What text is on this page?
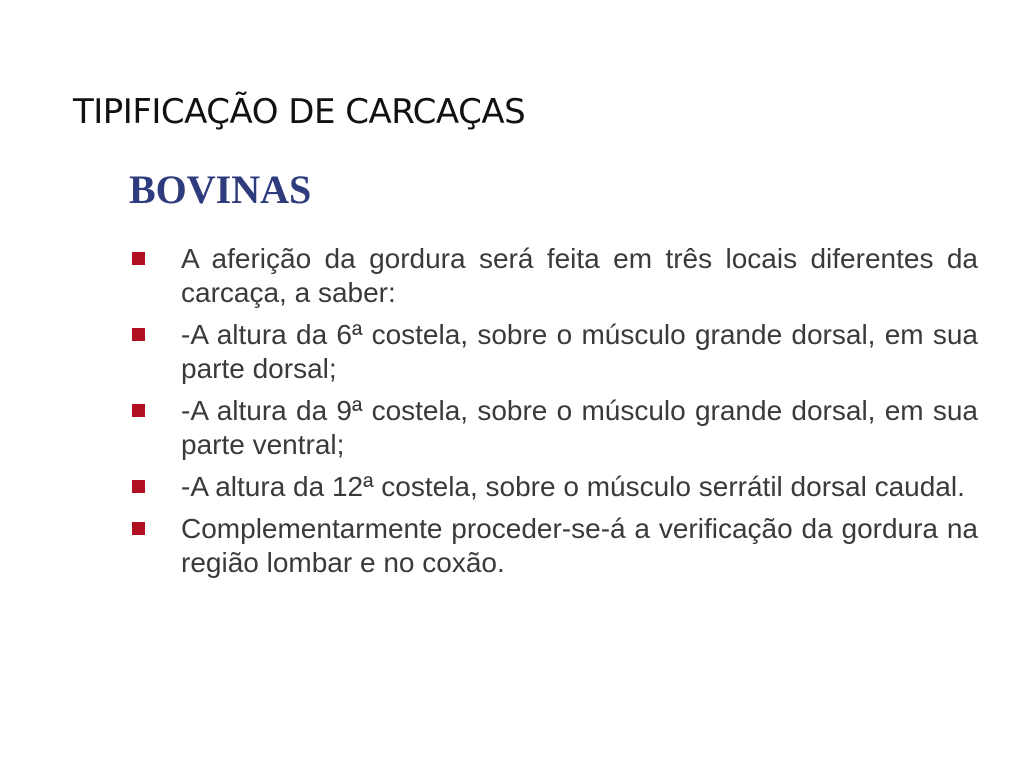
TIPIFICAÇÃO DE CARCAÇAS
BOVINAS
A aferição da gordura será feita em três locais diferentes da carcaça, a saber:
-A altura da 6ª costela, sobre o músculo grande dorsal, em sua parte dorsal;
-A altura da 9ª costela, sobre o músculo grande dorsal, em sua parte ventral;
-A altura da 12ª costela, sobre o músculo serrátil dorsal caudal.
Complementarmente proceder-se-á a verificação da gordura na região lombar e no coxão.
